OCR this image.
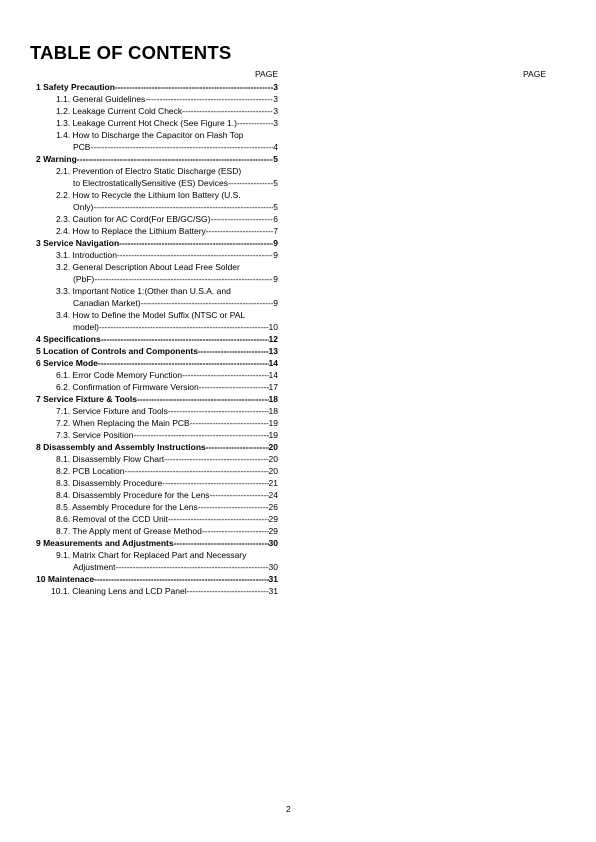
TABLE OF CONTENTS
PAGE	PAGE
1 Safety Precaution -----	3
1.1. General Guidelines -----	3
1.2. Leakage Current Cold Check -----	3
1.3. Leakage Current Hot Check (See Figure 1.) -----	3
1.4. How to Discharge the Capacitor on Flash Top
PCB -----	4
2 Warning -----	5
2.1. Prevention of Electro Static Discharge (ESD)
to ElectrostaticallySensitive (ES) Devices -----	5
2.2. How to Recycle the Lithium Ion Battery (U.S.
Only) -----	5
2.3. Caution for AC Cord(For EB/GC/SG) -----	6
2.4. How to Replace the Lithium Battery -----	7
3 Service Navigation -----	9
3.1. Introduction -----	9
3.2. General Description About Lead Free Solder
(PbF) -----	9
3.3. Important Notice 1:(Other than U.S.A. and
Canadian Market) -----	9
3.4. How to Define the Model Suffix (NTSC or PAL
model) -----	10
4 Specifications -----	12
5 Location of Controls and Components -----	13
6 Service Mode -----	14
6.1. Error Code Memory Function -----	14
6.2. Confirmation of Firmware Version -----	17
7 Service Fixture & Tools -----	18
7.1. Service Fixture and Tools -----	18
7.2. When Replacing the Main PCB -----	19
7.3. Service Position -----	19
8 Disassembly and Assembly Instructions -----	20
8.1. Disassembly Flow Chart -----	20
8.2. PCB Location -----	20
8.3. Disassembly Procedure -----	21
8.4. Disassembly Procedure for the Lens -----	24
8.5. Assembly Procedure for the Lens -----	26
8.6. Removal of the CCD Unit -----	29
8.7. The Apply ment of Grease Method -----	29
9 Measurements and Adjustments -----	30
9.1. Matrix Chart for Replaced Part and Necessary
Adjustment -----	30
10 Maintenace -----	31
10.1. Cleaning Lens and LCD Panel -----	31
2
